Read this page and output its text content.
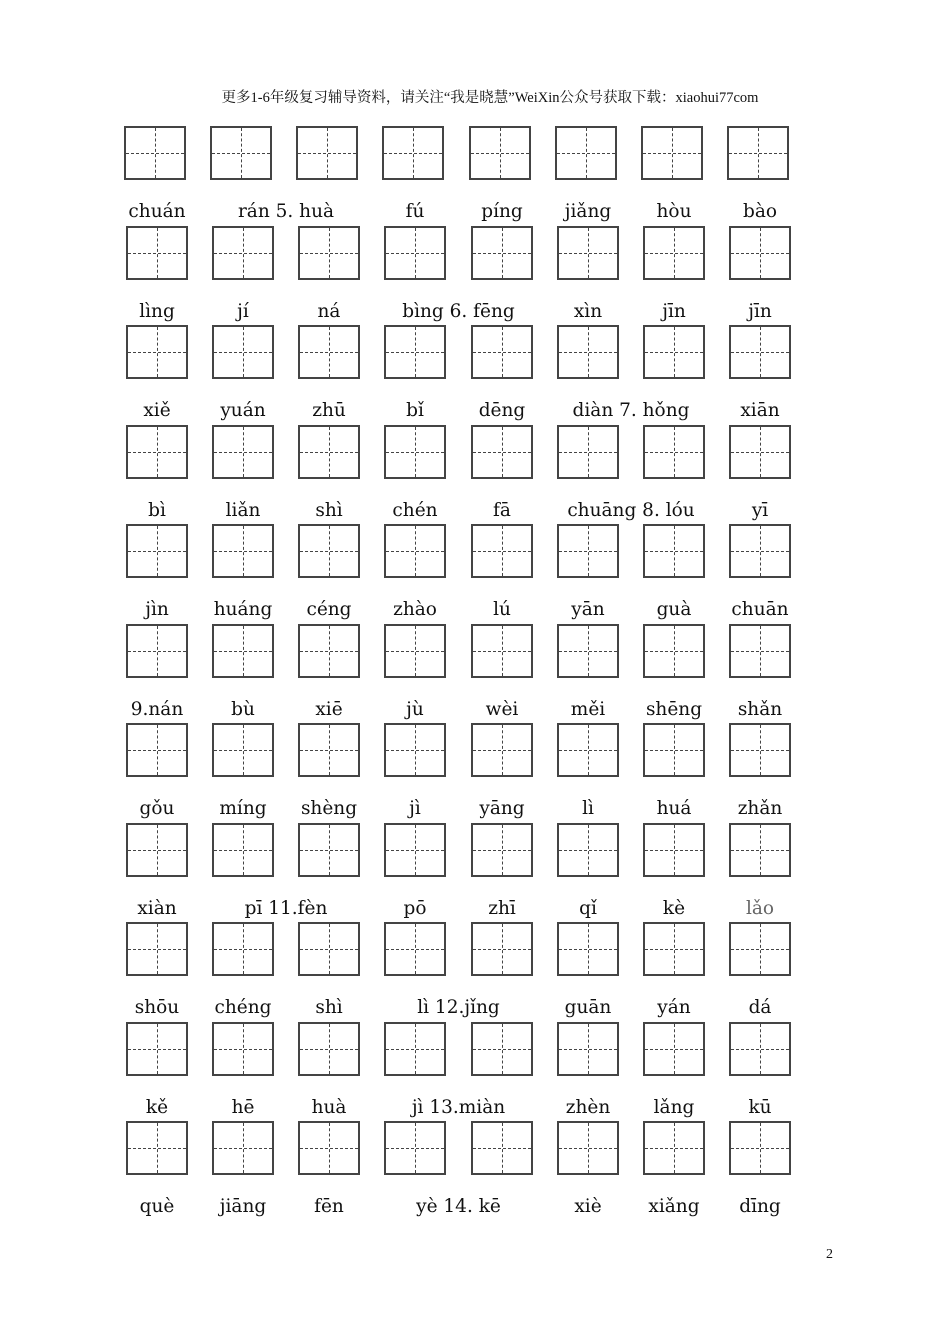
更多1-6年级复习辅导资料，请关注“我是晓慧”WeiXin公众号获取下载：xiaohui77com
chuán	rán 5. huà	fú	píng	jiǎng	hòu	bào
lìng	jí	ná	bìng 6. fēng	xìn	jīn	jīn
xiě	yuán	zhū	bǐ	dēng	diàn 7. hǒng	xiān
bì	liǎn	shì	chén	fā	chuāng 8. lóu	yī
jìn	huáng	céng	zhào	lú	yān	guà	chuān
9.nán	bù	xiē	jù	wèi	měi	shēng	shǎn
gǒu	míng	shèng	jì	yāng	lì	huá	zhǎn
xiàn	pī 11.fèn	pō	zhī	qǐ	kè	lǎo
shōu	chéng	shì	lì 12.jǐng	guān	yán	dá
kě	hē	huà	jì 13.miàn	zhèn	lǎng	kū
què	jiāng	fēn	yè 14. kē	xiè	xiǎng	dīng
2
